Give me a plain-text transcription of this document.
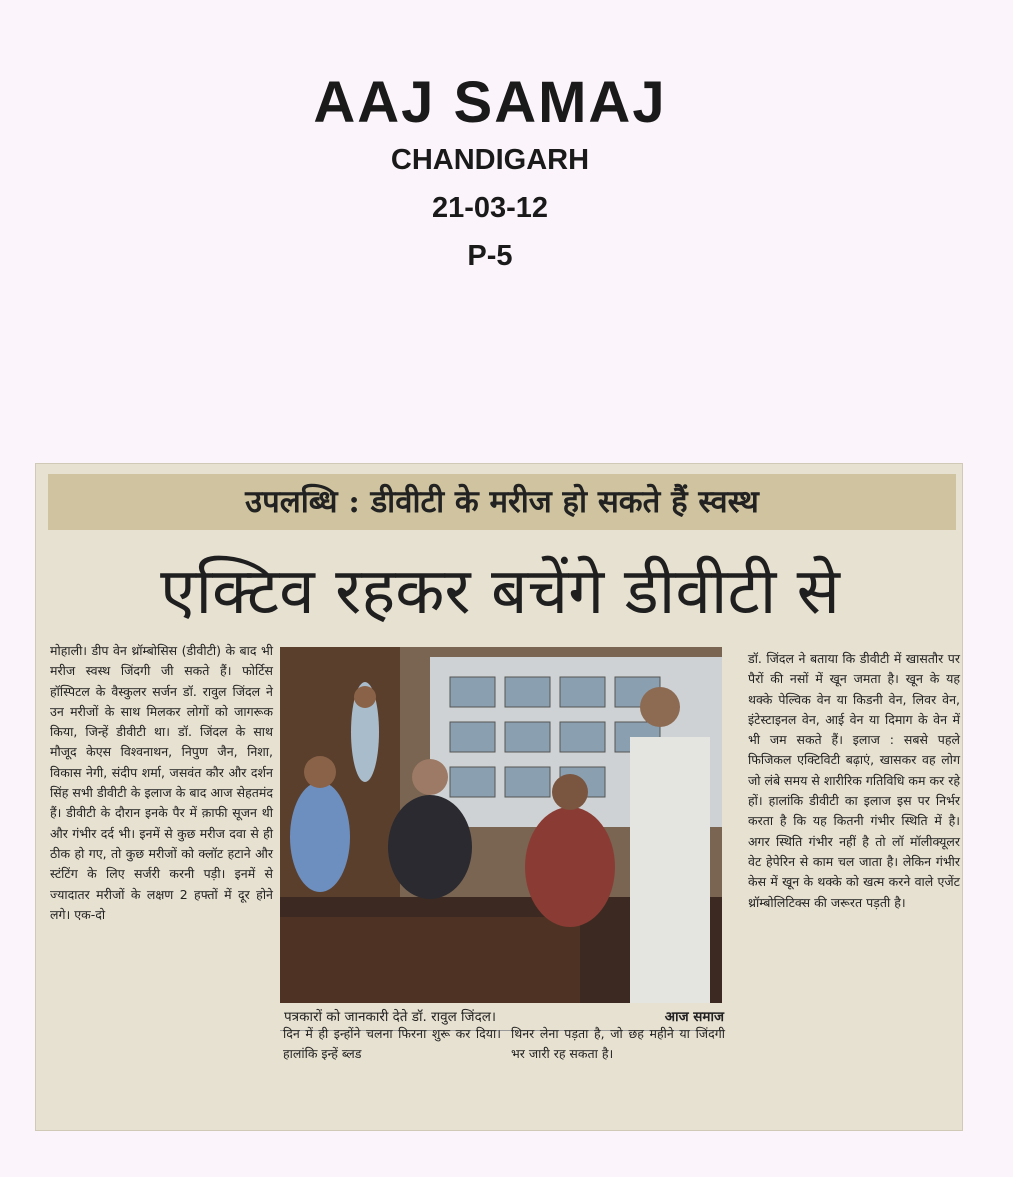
AAJ SAMAJ
CHANDIGARH
21-03-12
P-5
उपलब्धि : डीवीटी के मरीज हो सकते हैं स्वस्थ
एक्टिव रहकर बचेंगे डीवीटी से
मोहाली। डीप वेन थ्रॉम्बोसिस (डीवीटी) के बाद भी मरीज स्वस्थ जिंदगी जी सकते हैं। फोर्टिस हॉस्पिटल के वैस्कुलर सर्जन डॉ. रावुल जिंदल ने उन मरीजों के साथ मिलकर लोगों को जागरूक किया, जिन्हें डीवीटी था। डॉ. जिंदल के साथ मौजूद केएस विश्वनाथन, निपुण जैन, निशा, विकास नेगी, संदीप शर्मा, जसवंत कौर और दर्शन सिंह सभी डीवीटी के इलाज के बाद आज सेहतमंद हैं। डीवीटी के दौरान इनके पैर में क़ाफी सूजन थी और गंभीर दर्द भी। इनमें से कुछ मरीज दवा से ही ठीक हो गए, तो कुछ मरीजों को क्लॉट हटाने और स्टंटिंग के लिए सर्जरी करनी पड़ी। इनमें से ज्यादातर मरीजों के लक्षण 2 हफ्तों में दूर होने लगे। एक-दो
पत्रकारों को जानकारी देते डॉ. रावुल जिंदल।	आज समाज
दिन में ही इन्होंने चलना फिरना शुरू कर दिया। हालांकि इन्हें ब्लड
थिनर लेना पड़ता है, जो छह महीने या जिंदगी भर जारी रह सकता है।
डॉ. जिंदल ने बताया कि डीवीटी में खासतौर पर पैरों की नसों में खून जमता है। खून के यह थक्के पेल्विक वेन या किडनी वेन, लिवर वेन, इंटेस्टाइनल वेन, आई वेन या दिमाग के वेन में भी जम सकते हैं। इलाज : सबसे पहले फिजिकल एक्टिविटी बढ़ाएं, खासकर वह लोग जो लंबे समय से शारीरिक गतिविधि कम कर रहे हों। हालांकि डीवीटी का इलाज इस पर निर्भर करता है कि यह कितनी गंभीर स्थिति में है। अगर स्थिति गंभीर नहीं है तो लॉ मॉलीक्यूलर वेट हेपेरिन से काम चल जाता है। लेकिन गंभीर केस में खून के थक्के को खत्म करने वाले एजेंट थ्रॉम्बोलिटिक्स की जरूरत पड़ती है।
